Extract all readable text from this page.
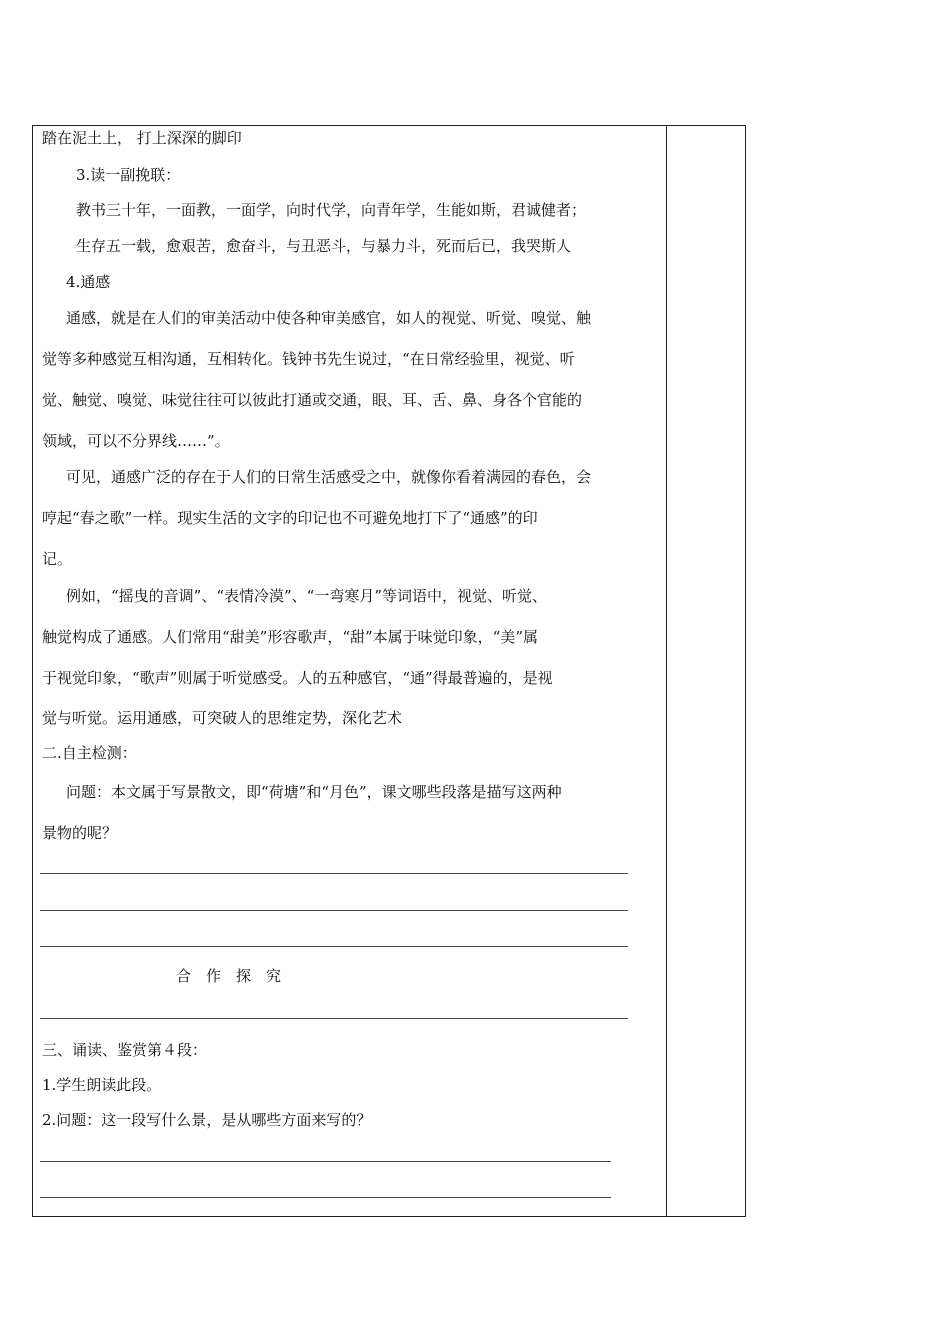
踏在泥土上， 打上深深的脚印
3.读一副挽联：
教书三十年，一面教，一面学，向时代学，向青年学，生能如斯，君诚健者；
生存五一载，愈艰苦，愈奋斗，与丑恶斗，与暴力斗，死而后已，我哭斯人
4.通感
通感，就是在人们的审美活动中使各种审美感官，如人的视觉、听觉、嗅觉、触
觉等多种感觉互相沟通，互相转化。钱钟书先生说过，“在日常经验里，视觉、听
觉、触觉、嗅觉、味觉往往可以彼此打通或交通，眼、耳、舌、鼻、身各个官能的
领域，可以不分界线……”。
可见，通感广泛的存在于人们的日常生活感受之中，就像你看着满园的春色，会
哼起“春之歌”一样。现实生活的文字的印记也不可避免地打下了“通感”的印
记。
例如，“摇曳的音调”、“表情冷漠”、“一弯寒月”等词语中，视觉、听觉、
触觉构成了通感。人们常用“甜美”形容歌声，“甜”本属于味觉印象，“美”属
于视觉印象，“歌声”则属于听觉感受。人的五种感官，“通”得最普遍的，是视
觉与听觉。运用通感，可突破人的思维定势，深化艺术
二.自主检测：
问题：本文属于写景散文，即“荷塘”和“月色”，课文哪些段落是描写这两种
景物的呢？
合　作　探　究
三、诵读、鉴赏第４段：
1.学生朗读此段。
2.问题：这一段写什么景，是从哪些方面来写的？
